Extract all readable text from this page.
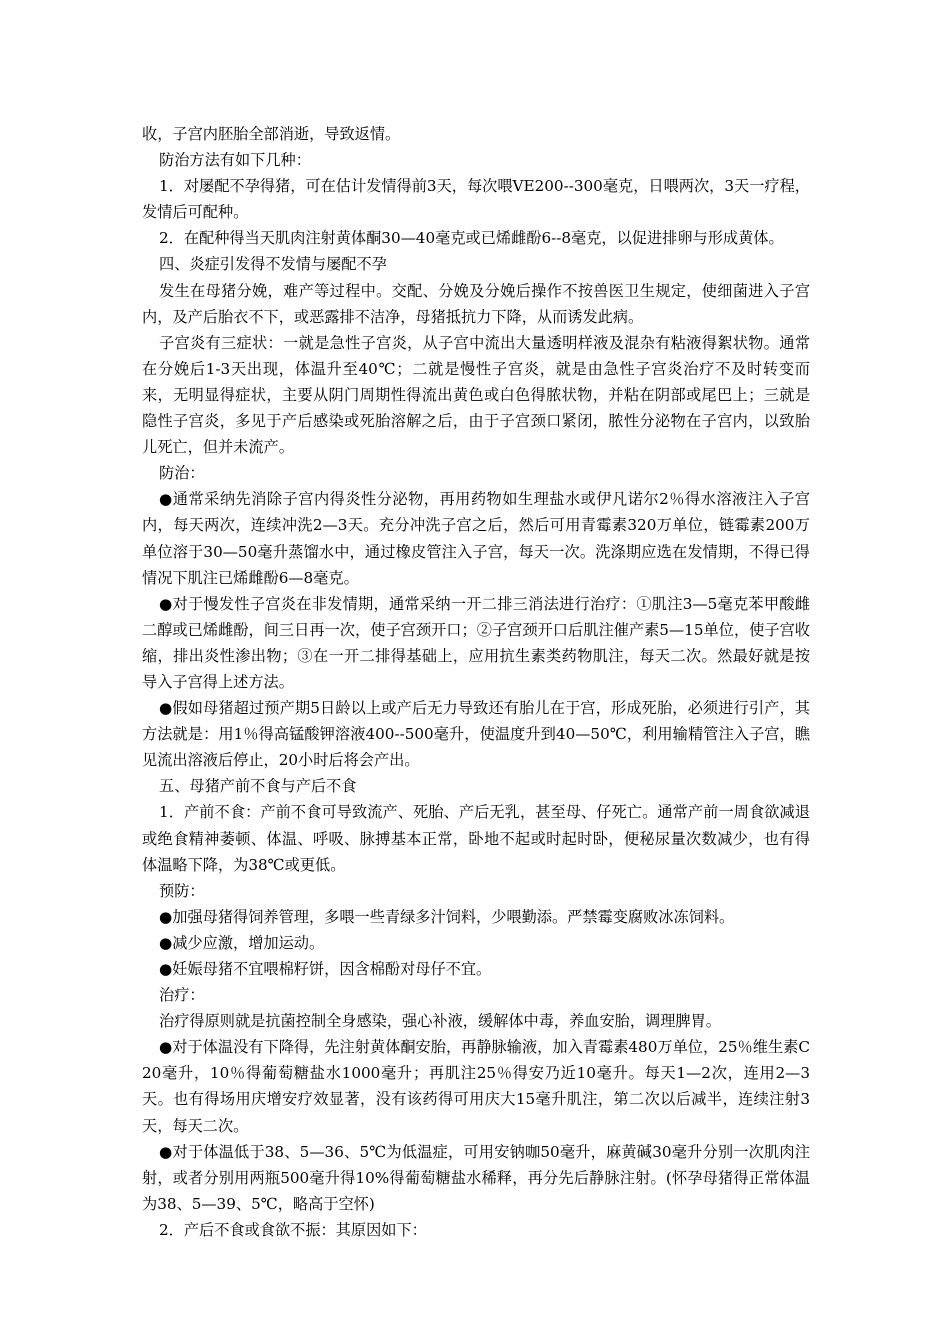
收，子宫内胚胎全部消逝，导致返情。

防治方法有如下几种：

1．对屡配不孕得猪，可在估计发情得前3天，每次喂VE200--300毫克，日喂两次，3天一疗程，发情后可配种。

2．在配种得当天肌肉注射黄体酮30—40毫克或已烯雌酚6--8毫克，以促进排卵与形成黄体。

四、炎症引发得不发情与屡配不孕

发生在母猪分娩，难产等过程中。交配、分娩及分娩后操作不按兽医卫生规定，使细菌进入子宫内，及产后胎衣不下，或恶露排不洁净，母猪抵抗力下降，从而诱发此病。

子宫炎有三症状：一就是急性子宫炎，从子宫中流出大量透明样液及混杂有粘液得絮状物。通常在分娩后1-3天出现，体温升至40℃；二就是慢性子宫炎，就是由急性子宫炎治疗不及时转变而来，无明显得症状，主要从阴门周期性得流出黄色或白色得脓状物，并粘在阴部或尾巴上；三就是隐性子宫炎，多见于产后感染或死胎溶解之后，由于子宫颈口紧闭，脓性分泌物在子宫内，以致胎儿死亡，但并未流产。

防治：

●通常采纳先消除子宫内得炎性分泌物，再用药物如生理盐水或伊凡诺尔2％得水溶液注入子宫内，每天两次，连续冲洗2—3天。充分冲洗子宫之后，然后可用青霉素320万单位，链霉素200万单位溶于30—50毫升蒸馏水中，通过橡皮管注入子宫，每天一次。洗涤期应选在发情期，不得已得情况下肌注已烯雌酚6—8毫克。

●对于慢发性子宫炎在非发情期，通常采纳一开二排三消法进行治疗：①肌注3—5毫克苯甲酸雌二醇或已烯雌酚，间三日再一次，使子宫颈开口；②子宫颈开口后肌注催产素5—15单位，使子宫收缩，排出炎性渗出物；③在一开二排得基础上，应用抗生素类药物肌注，每天二次。然最好就是按导入子宫得上述方法。

●假如母猪超过预产期5日龄以上或产后无力导致还有胎儿在于宫，形成死胎，必须进行引产，其方法就是：用1％得高锰酸钾溶液400--500毫升，使温度升到40—50℃，利用输精管注入子宫，瞧见流出溶液后停止，20小时后将会产出。

五、母猪产前不食与产后不食

1．产前不食：产前不食可导致流产、死胎、产后无乳，甚至母、仔死亡。通常产前一周食欲减退或绝食精神萎顿、体温、呼吸、脉搏基本正常，卧地不起或时起时卧，便秘尿量次数减少，也有得体温略下降，为38℃或更低。

预防：

●加强母猪得饲养管理，多喂一些青绿多汁饲料，少喂勤添。严禁霉变腐败冰冻饲料。

●减少应激，增加运动。

●妊娠母猪不宜喂棉籽饼，因含棉酚对母仔不宜。

治疗：

治疗得原则就是抗菌控制全身感染，强心补液，缓解体中毒，养血安胎，调理脾胃。

●对于体温没有下降得，先注射黄体酮安胎，再静脉输液，加入青霉素480万单位，25％维生素C20毫升，10％得葡萄糖盐水1000毫升；再肌注25％得安乃近10毫升。每天1—2次，连用2—3天。也有得场用庆增安疗效显著，没有该药得可用庆大15毫升肌注，第二次以后减半，连续注射3天，每天二次。

●对于体温低于38、5—36、5℃为低温症，可用安钠咖50毫升，麻黄碱30毫升分别一次肌肉注射，或者分别用两瓶500毫升得10%得葡萄糖盐水稀释，再分先后静脉注射。(怀孕母猪得正常体温为38、5—39、5℃，略高于空怀)

2．产后不食或食欲不振：其原因如下：
